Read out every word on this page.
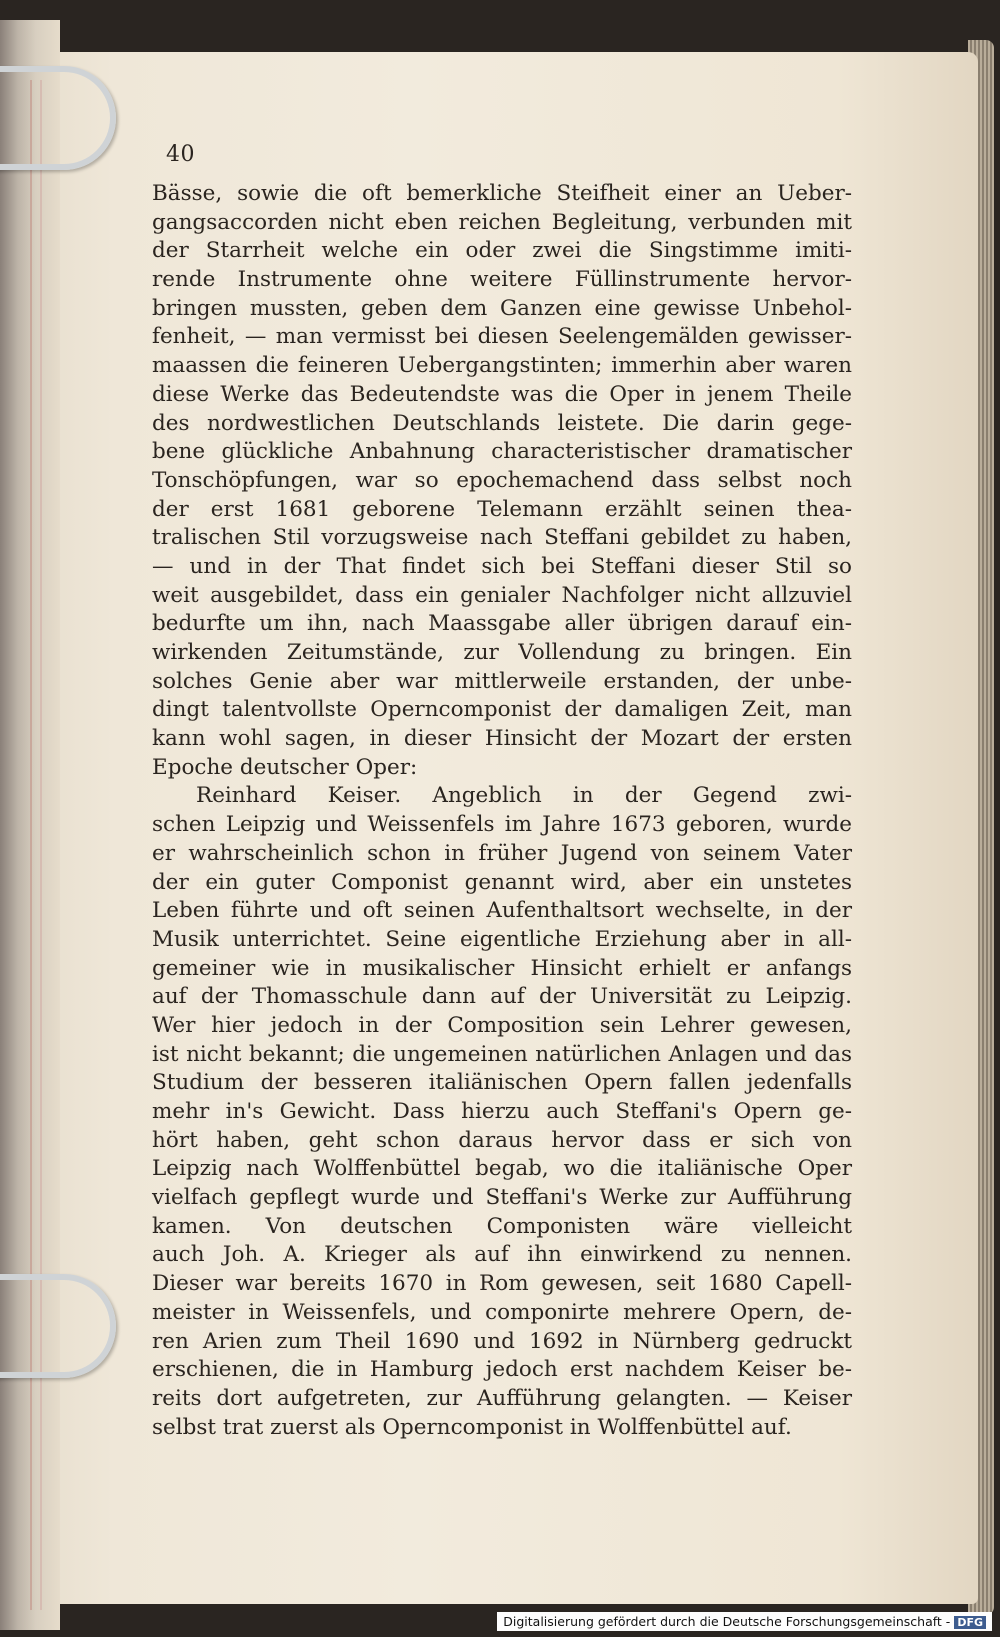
40
Bässe, sowie die oft bemerkliche Steifheit einer an Ueber-
gangsaccorden nicht eben reichen Begleitung, verbunden mit
der Starrheit welche ein oder zwei die Singstimme imiti-
rende Instrumente ohne weitere Füllinstrumente hervor-
bringen mussten, geben dem Ganzen eine gewisse Unbehol-
fenheit, — man vermisst bei diesen Seelengemälden gewisser-
maassen die feineren Uebergangstinten; immerhin aber waren
diese Werke das Bedeutendste was die Oper in jenem Theile
des nordwestlichen Deutschlands leistete. Die darin gege-
bene glückliche Anbahnung characteristischer dramatischer
Tonschöpfungen, war so epochemachend dass selbst noch
der erst 1681 geborene Telemann erzählt seinen thea-
tralischen Stil vorzugsweise nach Steffani gebildet zu haben,
— und in der That findet sich bei Steffani dieser Stil so
weit ausgebildet, dass ein genialer Nachfolger nicht allzuviel
bedurfte um ihn, nach Maassgabe aller übrigen darauf ein-
wirkenden Zeitumstände, zur Vollendung zu bringen. Ein
solches Genie aber war mittlerweile erstanden, der unbe-
dingt talentvollste Operncomponist der damaligen Zeit, man
kann wohl sagen, in dieser Hinsicht der Mozart der ersten
Epoche deutscher Oper:
Reinhard Keiser. Angeblich in der Gegend zwi-
schen Leipzig und Weissenfels im Jahre 1673 geboren, wurde
er wahrscheinlich schon in früher Jugend von seinem Vater
der ein guter Componist genannt wird, aber ein unstetes
Leben führte und oft seinen Aufenthaltsort wechselte, in der
Musik unterrichtet. Seine eigentliche Erziehung aber in all-
gemeiner wie in musikalischer Hinsicht erhielt er anfangs
auf der Thomasschule dann auf der Universität zu Leipzig.
Wer hier jedoch in der Composition sein Lehrer gewesen,
ist nicht bekannt; die ungemeinen natürlichen Anlagen und das
Studium der besseren italiänischen Opern fallen jedenfalls
mehr in's Gewicht. Dass hierzu auch Steffani's Opern ge-
hört haben, geht schon daraus hervor dass er sich von
Leipzig nach Wolffenbüttel begab, wo die italiänische Oper
vielfach gepflegt wurde und Steffani's Werke zur Aufführung
kamen. Von deutschen Componisten wäre vielleicht
auch Joh. A. Krieger als auf ihn einwirkend zu nennen.
Dieser war bereits 1670 in Rom gewesen, seit 1680 Capell-
meister in Weissenfels, und componirte mehrere Opern, de-
ren Arien zum Theil 1690 und 1692 in Nürnberg gedruckt
erschienen, die in Hamburg jedoch erst nachdem Keiser be-
reits dort aufgetreten, zur Aufführung gelangten. — Keiser
selbst trat zuerst als Operncomponist in Wolffenbüttel auf.
Digitalisierung gefördert durch die Deutsche Forschungsgemeinschaft - DFG
